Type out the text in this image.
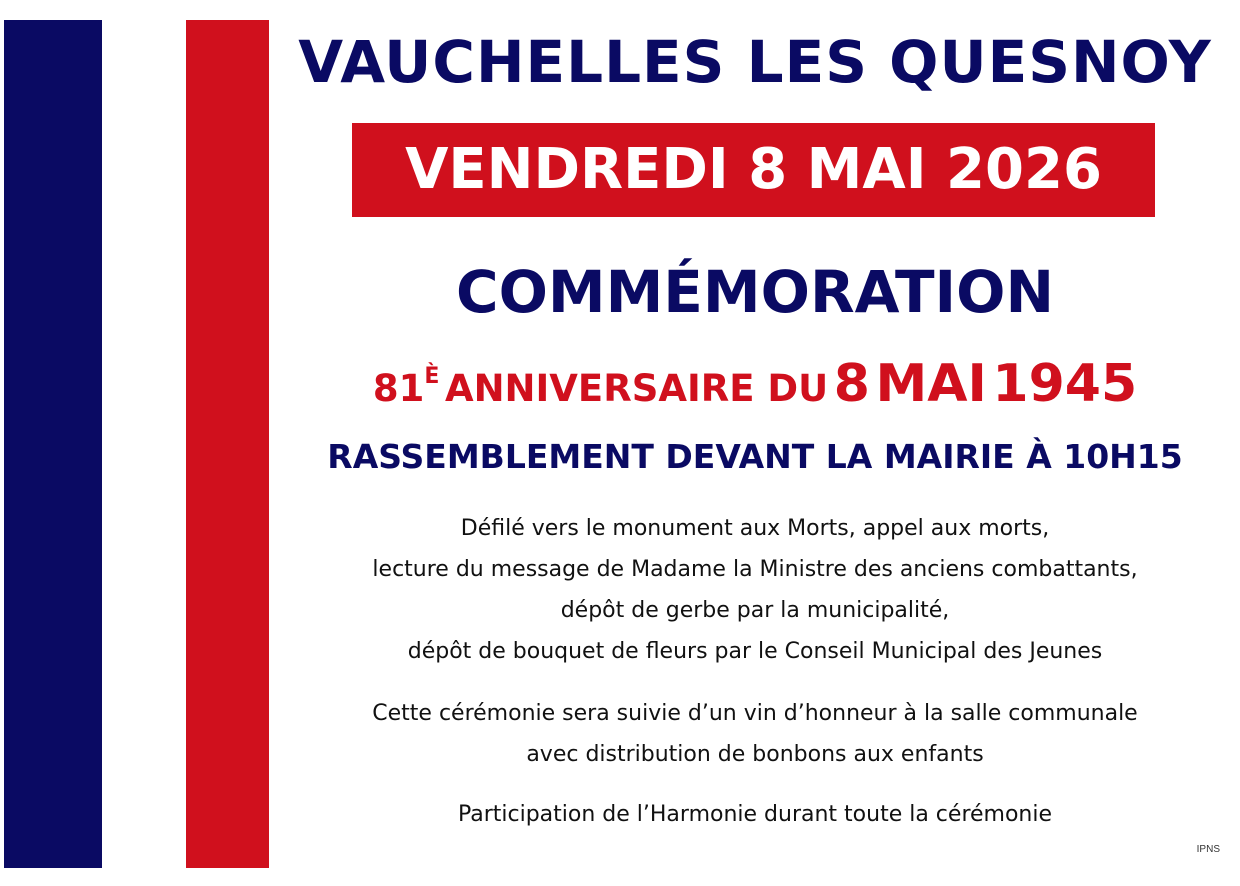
VAUCHELLES LES QUESNOY
VENDREDI 8 MAI 2026
COMMÉMORATION
$81^È$ ANNIVERSAIRE DU 8 MAI 1945
RASSEMBLEMENT DEVANT LA MAIRIE À 10H15
Défilé vers le monument aux Morts, appel aux morts,
lecture du message de Madame la Ministre des anciens combattants,
dépôt de gerbe par la municipalité,
dépôt de bouquet de fleurs par le Conseil Municipal des Jeunes
Cette cérémonie sera suivie d’un vin d’honneur à la salle communale
avec distribution de bonbons aux enfants
Participation de l’Harmonie durant toute la cérémonie
IPNS
